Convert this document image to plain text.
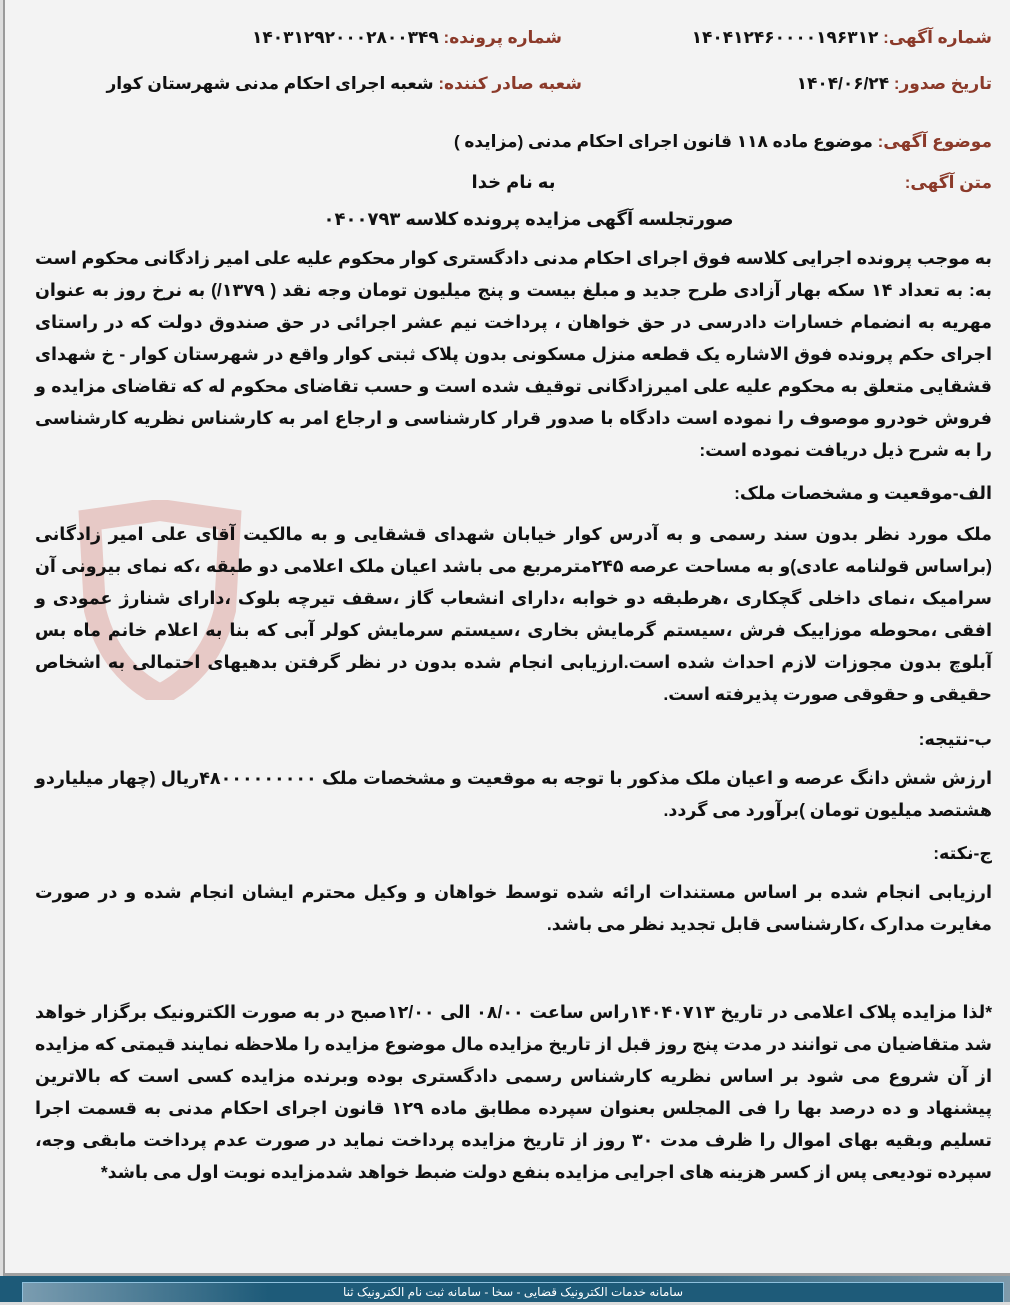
شماره آگهی: ۱۴۰۴۱۲۴۶۰۰۰۰۱۹۶۳۱۲
شماره پرونده: ۱۴۰۳۱۲۹۲۰۰۰۲۸۰۰۳۴۹
تاریخ صدور: ۱۴۰۴/۰۶/۲۴
شعبه صادر کننده: شعبه اجرای احکام مدنی شهرستان کوار
موضوع آگهی:

موضوع ماده ۱۱۸ قانون اجرای احکام مدنی (مزایده )
متن آگهی:
به نام خدا
صورتجلسه آگهی مزایده پرونده کلاسه ۰۴۰۰۷۹۳

به موجب پرونده اجرایی کلاسه فوق اجرای احکام مدنی دادگستری کوار محکوم علیه علی امیر زادگانی محکوم است به: به تعداد ۱۴ سکه بهار آزادی طرح جدید و مبلغ بیست و پنج میلیون تومان وجه نقد ( ۱۳۷۹/) به نرخ روز به عنوان مهریه به انضمام خسارات دادرسی در حق خواهان ، پرداخت نیم عشر اجرائی در حق صندوق دولت که در راستای اجرای حکم پرونده فوق الاشاره یک قطعه منزل مسکونی بدون پلاک ثبتی کوار واقع در شهرستان کوار - خ شهدای قشقایی متعلق به محکوم علیه علی امیرزادگانی توقیف شده است و حسب تقاضای محکوم له که تقاضای مزایده و فروش خودرو موصوف را نموده است دادگاه با صدور قرار کارشناسی و ارجاع امر به کارشناس نظریه کارشناسی را به شرح ذیل دریافت نموده است:

الف-موقعیت و مشخصات ملک:

ملک مورد نظر بدون سند رسمی و به آدرس کوار خیابان شهدای قشقایی و به مالکیت آقای علی امیر زادگانی (براساس قولنامه عادی)و به مساحت عرصه ۲۴۵مترمربع می باشد اعیان ملک اعلامی دو طبقه ،که نمای بیرونی آن سرامیک ،نمای داخلی گچکاری ،هرطبقه دو خوابه ،دارای انشعاب گاز ،سقف تیرچه بلوک ،دارای شنارژ عمودی و افقی ،محوطه موزاییک فرش ،سیستم گرمایش بخاری ،سیستم سرمایش کولر آبی که بنا به اعلام خانم ماه بس آبلوچ بدون مجوزات لازم احداث شده است.ارزیابی انجام شده بدون در نظر گرفتن بدهیهای احتمالی به اشخاص حقیقی و حقوقی صورت پذیرفته است.

ب-نتیجه:

ارزش شش دانگ عرصه و اعیان ملک مذکور با توجه به موقعیت و مشخصات ملک ۴۸۰۰۰۰۰۰۰۰۰ریال (چهار میلیاردو هشتصد میلیون تومان )برآورد می گردد.

ج-نکته:

ارزیابی انجام شده بر اساس مستندات ارائه شده توسط خواهان و وکیل محترم ایشان انجام شده و در صورت مغایرت مدارک ،کارشناسی قابل تجدید نظر می باشد.

*لذا مزایده پلاک اعلامی در تاریخ ۱۴۰۴۰۷۱۳راس ساعت ۰۸/۰۰ الی ۱۲/۰۰صبح در به صورت الکترونیک برگزار خواهد شد متقاضیان می توانند در مدت پنج روز قبل از تاریخ مزایده مال موضوع مزایده را ملاحظه نمایند قیمتی که مزایده از آن شروع می شود بر اساس نظریه کارشناس رسمی دادگستری بوده وبرنده مزایده کسی است که بالاترین پیشنهاد و ده درصد بها را فی المجلس بعنوان سپرده مطابق ماده ۱۲۹ قانون اجرای احکام مدنی به قسمت اجرا تسلیم وبقیه بهای اموال را ظرف مدت ۳۰ روز از تاریخ مزایده پرداخت نماید در صورت عدم پرداخت مابقی وجه، سپرده تودیعی پس از کسر هزینه های اجرایی مزایده بنفع دولت ضبط خواهد شدمزایده نوبت اول می باشد*

سامانه خدمات الکترونیک قضایی - سخا - سامانه ثبت نام الکترونیک ثنا
